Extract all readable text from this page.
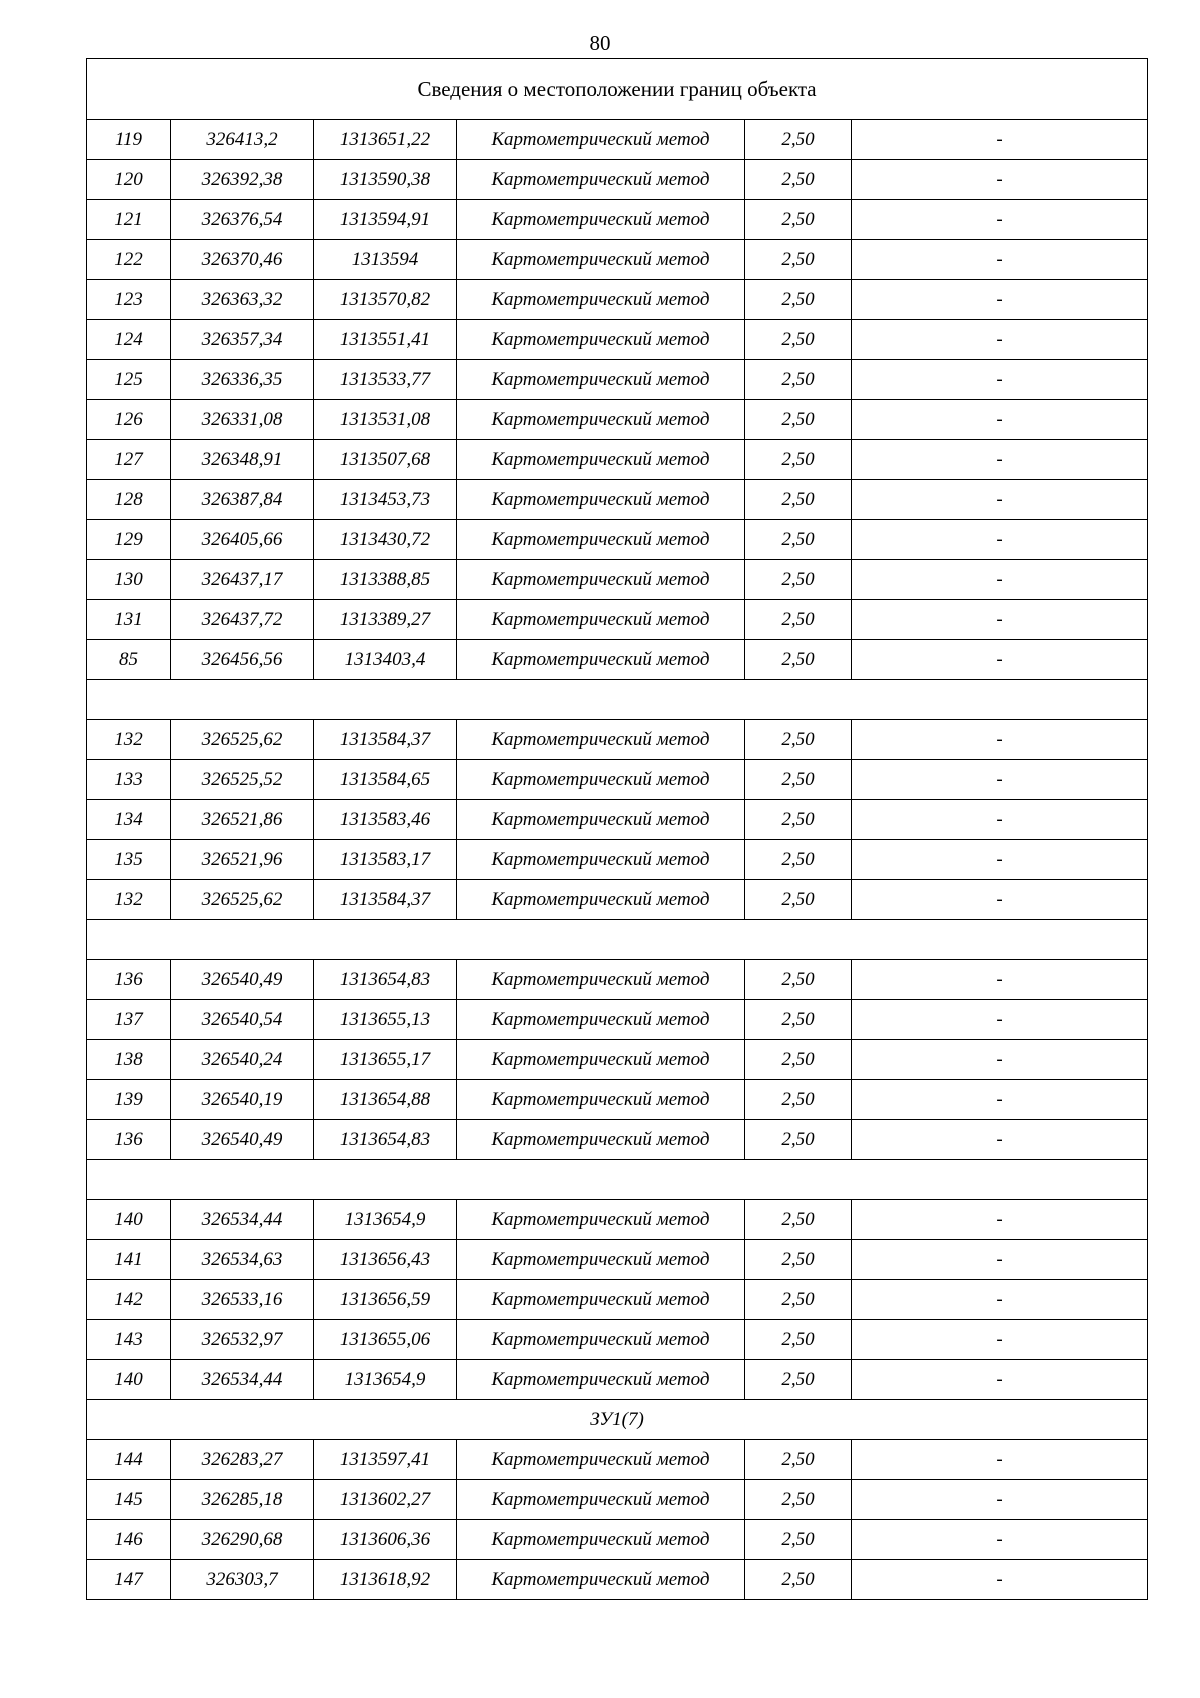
80
Сведения о местоположении границ объекта					
119	326413,2	1313651,22	Картометрический метод	2,50	-
120	326392,38	1313590,38	Картометрический метод	2,50	-
121	326376,54	1313594,91	Картометрический метод	2,50	-
122	326370,46	1313594	Картометрический метод	2,50	-
123	326363,32	1313570,82	Картометрический метод	2,50	-
124	326357,34	1313551,41	Картометрический метод	2,50	-
125	326336,35	1313533,77	Картометрический метод	2,50	-
126	326331,08	1313531,08	Картометрический метод	2,50	-
127	326348,91	1313507,68	Картометрический метод	2,50	-
128	326387,84	1313453,73	Картометрический метод	2,50	-
129	326405,66	1313430,72	Картометрический метод	2,50	-
130	326437,17	1313388,85	Картометрический метод	2,50	-
131	326437,72	1313389,27	Картометрический метод	2,50	-
85	326456,56	1313403,4	Картометрический метод	2,50	-

132	326525,62	1313584,37	Картометрический метод	2,50	-
133	326525,52	1313584,65	Картометрический метод	2,50	-
134	326521,86	1313583,46	Картометрический метод	2,50	-
135	326521,96	1313583,17	Картометрический метод	2,50	-
132	326525,62	1313584,37	Картометрический метод	2,50	-

136	326540,49	1313654,83	Картометрический метод	2,50	-
137	326540,54	1313655,13	Картометрический метод	2,50	-
138	326540,24	1313655,17	Картометрический метод	2,50	-
139	326540,19	1313654,88	Картометрический метод	2,50	-
136	326540,49	1313654,83	Картометрический метод	2,50	-

140	326534,44	1313654,9	Картометрический метод	2,50	-
141	326534,63	1313656,43	Картометрический метод	2,50	-
142	326533,16	1313656,59	Картометрический метод	2,50	-
143	326532,97	1313655,06	Картометрический метод	2,50	-
140	326534,44	1313654,9	Картометрический метод	2,50	-
ЗУ1(7)					
144	326283,27	1313597,41	Картометрический метод	2,50	-
145	326285,18	1313602,27	Картометрический метод	2,50	-
146	326290,68	1313606,36	Картометрический метод	2,50	-
147	326303,7	1313618,92	Картометрический метод	2,50	-
